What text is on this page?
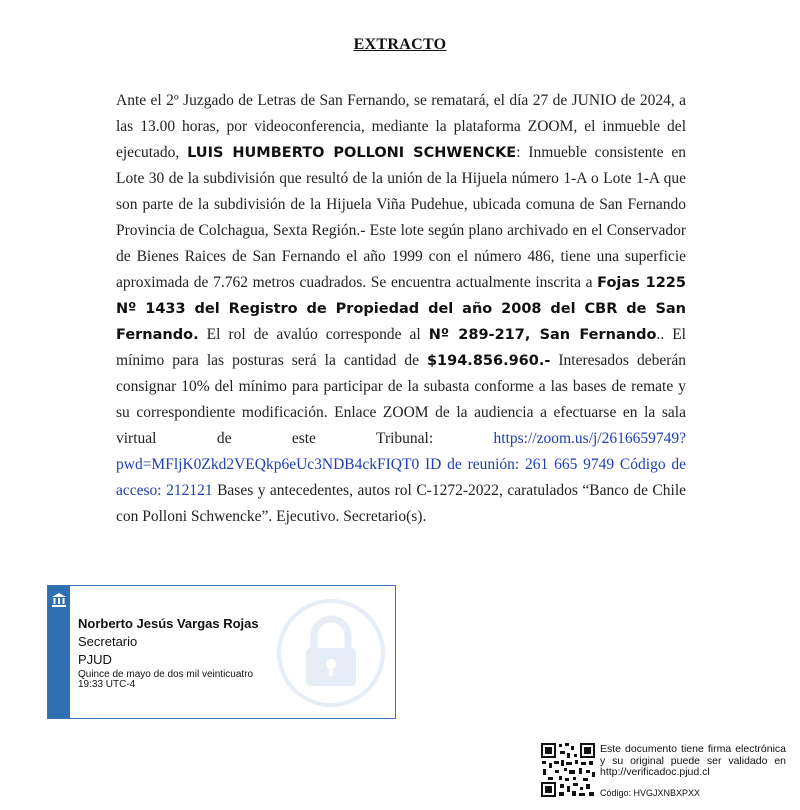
EXTRACTO
Ante el 2º Juzgado de Letras de San Fernando, se rematará, el día 27 de JUNIO de 2024, a las 13.00 horas, por videoconferencia, mediante la plataforma ZOOM, el inmueble del ejecutado, LUIS HUMBERTO POLLONI SCHWENCKE: Inmueble consistente en Lote 30 de la subdivisión que resultó de la unión de la Hijuela número 1-A o Lote 1-A que son parte de la subdivisión de la Hijuela Viña Pudehue, ubicada comuna de San Fernando Provincia de Colchagua, Sexta Región.- Este lote según plano archivado en el Conservador de Bienes Raices de San Fernando el año 1999 con el número 486, tiene una superficie aproximada de 7.762 metros cuadrados. Se encuentra actualmente inscrita a Fojas 1225 Nº 1433 del Registro de Propiedad del año 2008 del CBR de San Fernando. El rol de avalúo corresponde al Nº 289-217, San Fernando.. El mínimo para las posturas será la cantidad de $194.856.960.- Interesados deberán consignar 10% del mínimo para participar de la subasta conforme a las bases de remate y su correspondiente modificación. Enlace ZOOM de la audiencia a efectuarse en la sala virtual de este Tribunal: https://zoom.us/j/2616659749?pwd=MFljK0Zkd2VEQkp6eUc3NDB4ckFIQT0 ID de reunión: 261 665 9749 Código de acceso: 212121 Bases y antecedentes, autos rol C-1272-2022, caratulados “Banco de Chile con Polloni Schwencke”. Ejecutivo. Secretario(s).
Norberto Jesús Vargas Rojas
Secretario
PJUD
Quince de mayo de dos mil veinticuatro
19:33 UTC-4
Este documento tiene firma electrónica y su original puede ser validado en http://verificadoc.pjud.cl
Código: HVGJXNBXPXX
